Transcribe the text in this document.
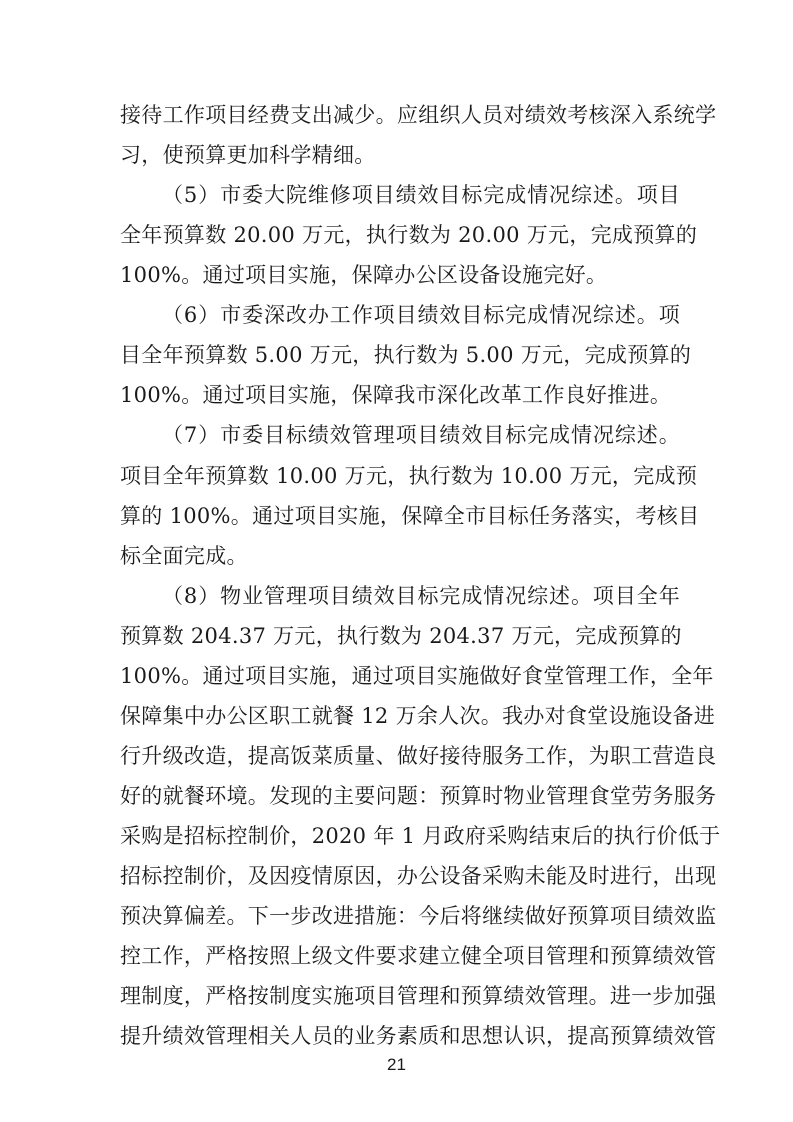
接待工作项目经费支出减少。应组织人员对绩效考核深入系统学
习，使预算更加科学精细。
（5）市委大院维修项目绩效目标完成情况综述。项目
全年预算数 20.00 万元，执行数为 20.00 万元，完成预算的
100%。通过项目实施，保障办公区设备设施完好。
（6）市委深改办工作项目绩效目标完成情况综述。项
目全年预算数 5.00 万元，执行数为 5.00 万元，完成预算的
100%。通过项目实施，保障我市深化改革工作良好推进。
（7）市委目标绩效管理项目绩效目标完成情况综述。
项目全年预算数 10.00 万元，执行数为 10.00 万元，完成预
算的 100%。通过项目实施，保障全市目标任务落实，考核目
标全面完成。
（8）物业管理项目绩效目标完成情况综述。项目全年
预算数 204.37 万元，执行数为 204.37 万元，完成预算的
100%。通过项目实施，通过项目实施做好食堂管理工作，全年
保障集中办公区职工就餐 12 万余人次。我办对食堂设施设备进
行升级改造，提高饭菜质量、做好接待服务工作，为职工营造良
好的就餐环境。发现的主要问题：预算时物业管理食堂劳务服务
采购是招标控制价，2020 年 1 月政府采购结束后的执行价低于
招标控制价，及因疫情原因，办公设备采购未能及时进行，出现
预决算偏差。下一步改进措施：今后将继续做好预算项目绩效监
控工作，严格按照上级文件要求建立健全项目管理和预算绩效管
理制度，严格按制度实施项目管理和预算绩效管理。进一步加强
提升绩效管理相关人员的业务素质和思想认识，提高预算绩效管
21
